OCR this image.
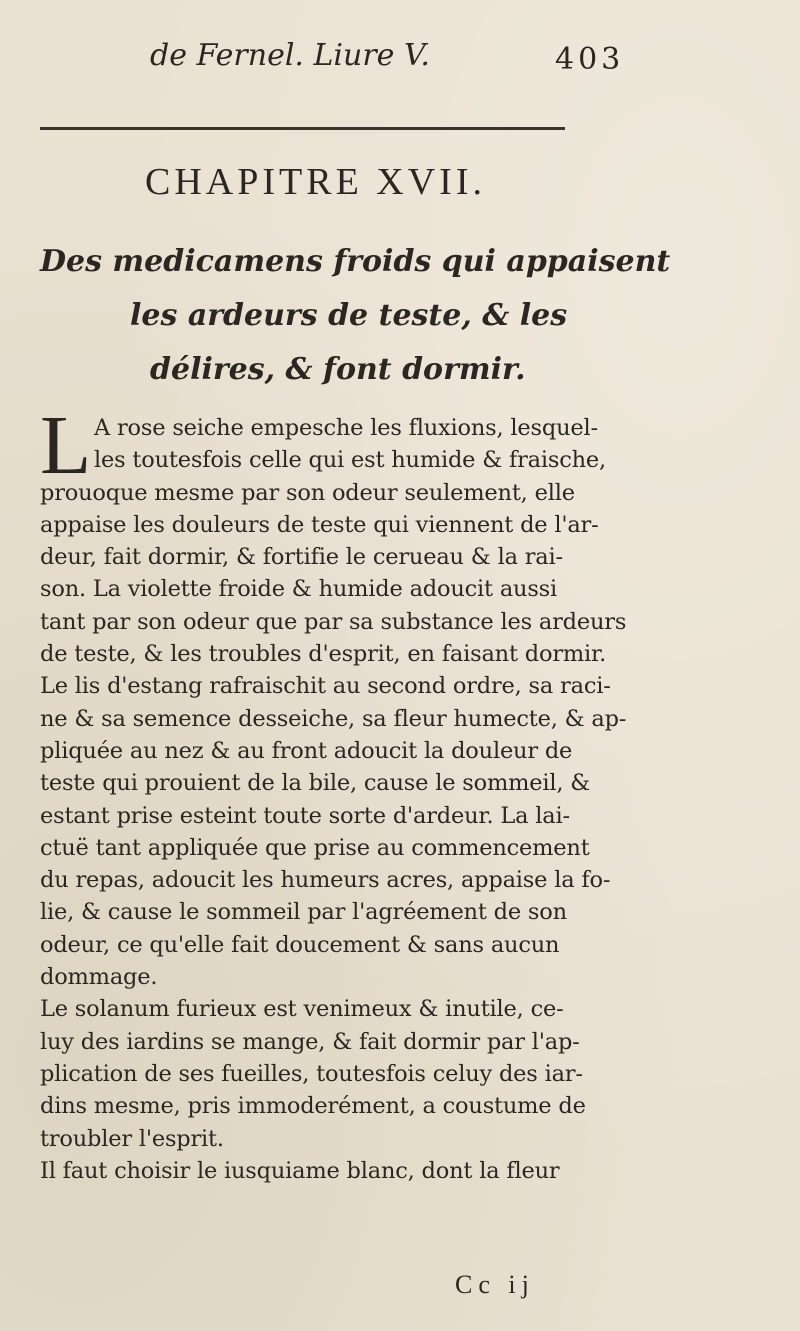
de Fernel. Liure V.	403
CHAPITRE XVII.
Des medicamens froids qui appaisent
les ardeurs de teste, & les
délires, & font dormir.
L A rose seiche empesche les fluxions, lesquel-
les toutesfois celle qui est humide & fraische,
prouoque mesme par son odeur seulement, elle
appaise les douleurs de teste qui viennent de l'ar-
deur, fait dormir, & fortifie le cerueau & la rai-
son. La violette froide & humide adoucit aussi
tant par son odeur que par sa substance les ardeurs
de teste, & les troubles d'esprit, en faisant dormir.
Le lis d'estang rafraischit au second ordre, sa raci-
ne & sa semence desseiche, sa fleur humecte, & ap-
pliquée au nez & au front adoucit la douleur de
teste qui prouient de la bile, cause le sommeil, &
estant prise esteint toute sorte d'ardeur. La lai-
ctuë tant appliquée que prise au commencement
du repas, adoucit les humeurs acres, appaise la fo-
lie, & cause le sommeil par l'agréement de son
odeur, ce qu'elle fait doucement & sans aucun
dommage.
Le solanum furieux est venimeux & inutile, ce-
luy des iardins se mange, & fait dormir par l'ap-
plication de ses fueilles, toutesfois celuy des iar-
dins mesme, pris immoderément, a coustume de
troubler l'esprit.
Il faut choisir le iusquiame blanc, dont la fleur
Cc ij
